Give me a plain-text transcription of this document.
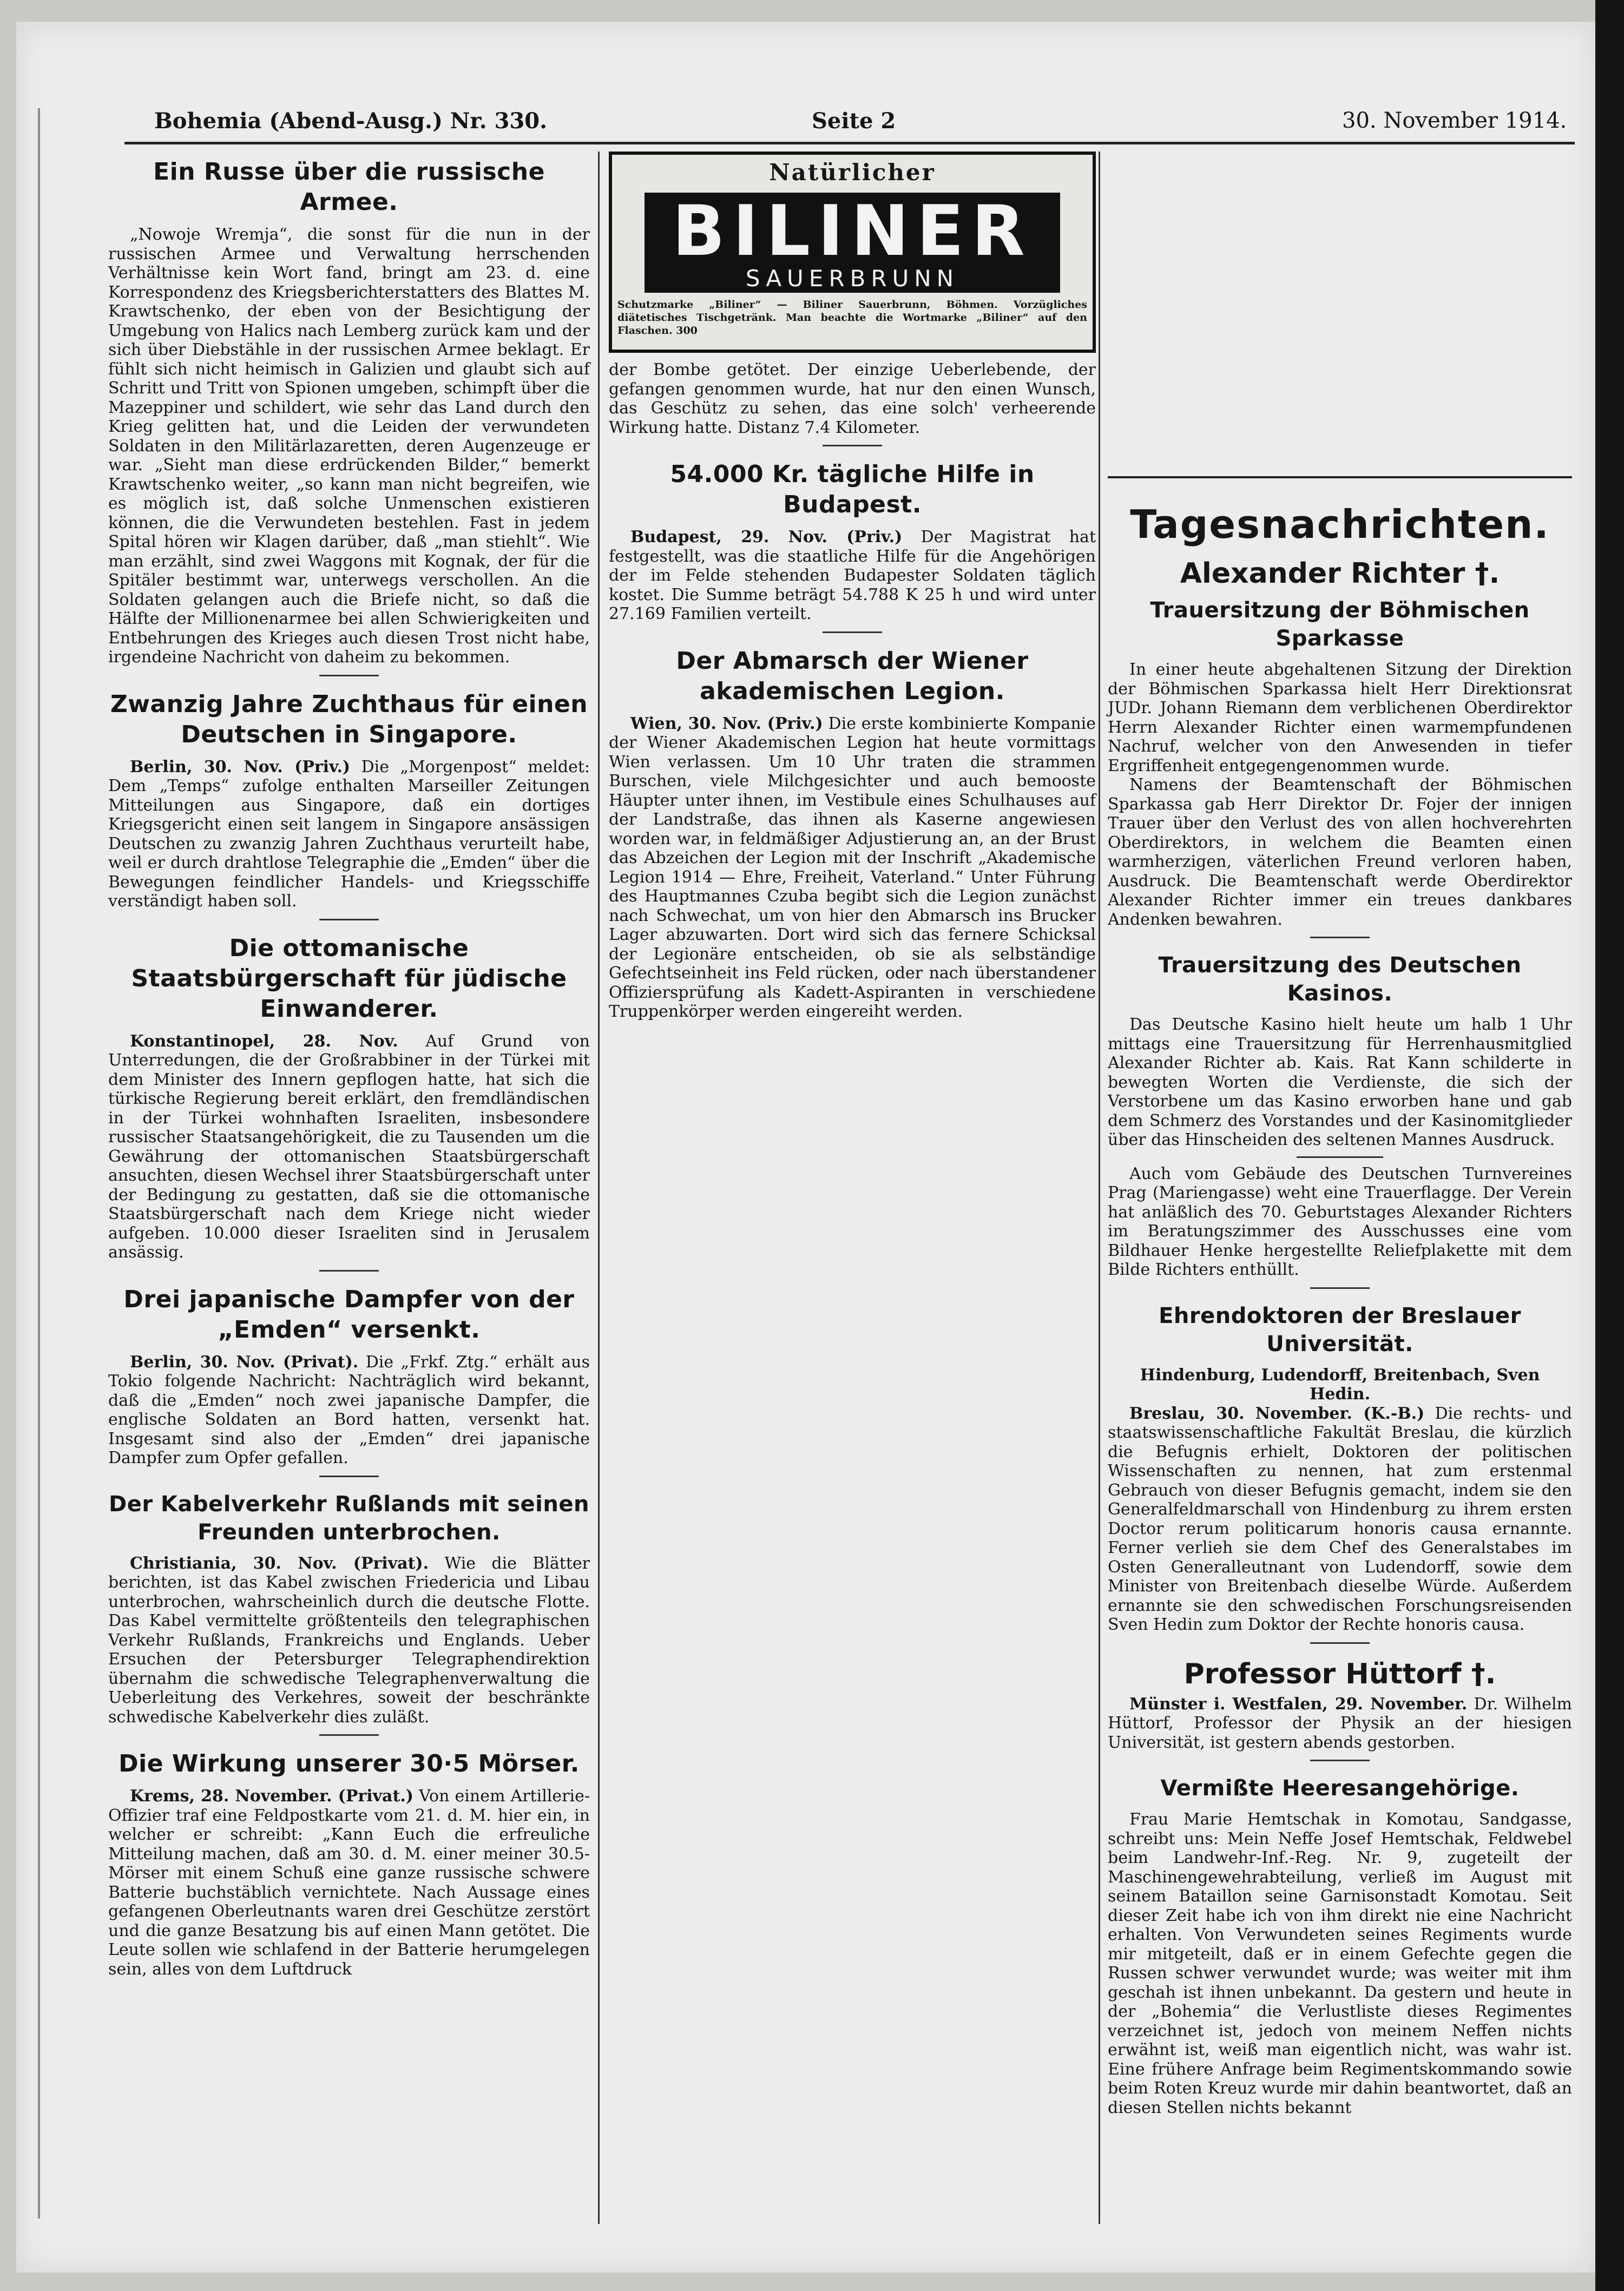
Bohemia (Abend-Ausg.) Nr. 330.	Seite 2	30. November 1914.
Ein Russe über die russische Armee.

„Nowoje Wremja“, die sonst für die nun in der russischen Armee und Verwaltung herrschenden Verhältnisse kein Wort fand, bringt am 23. d. eine Korrespondenz des Kriegsberichterstatters des Blattes M. Krawtschenko, der eben von der Besichtigung der Umgebung von Halics nach Lemberg zurück kam und der sich über Diebstähle in der russischen Armee beklagt. Er fühlt sich nicht heimisch in Galizien und glaubt sich auf Schritt und Tritt von Spionen umgeben, schimpft über die Mazeppiner und schildert, wie sehr das Land durch den Krieg gelitten hat, und die Leiden der verwundeten Soldaten in den Militärlazaretten, deren Augenzeuge er war. „Sieht man diese erdrückenden Bilder,“ bemerkt Krawtschenko weiter, „so kann man nicht begreifen, wie es möglich ist, daß solche Unmenschen existieren können, die die Verwundeten bestehlen. Fast in jedem Spital hören wir Klagen darüber, daß „man stiehlt“. Wie man erzählt, sind zwei Waggons mit Kognak, der für die Spitäler bestimmt war, unterwegs verschollen. An die Soldaten gelangen auch die Briefe nicht, so daß die Hälfte der Millionenarmee bei allen Schwierigkeiten und Entbehrungen des Krieges auch diesen Trost nicht habe, irgendeine Nachricht von daheim zu bekommen.

Zwanzig Jahre Zuchthaus für einen Deutschen in Singapore.

Berlin, 30. Nov. (Priv.) Die „Morgenpost“ meldet: Dem „Temps“ zufolge enthalten Marseiller Zeitungen Mitteilungen aus Singapore, daß ein dortiges Kriegsgericht einen seit langem in Singapore ansässigen Deutschen zu zwanzig Jahren Zuchthaus verurteilt habe, weil er durch drahtlose Telegraphie die „Emden“ über die Bewegungen feindlicher Handels- und Kriegsschiffe verständigt haben soll.

Die ottomanische Staatsbürgerschaft für jüdische Einwanderer.

Konstantinopel, 28. Nov. Auf Grund von Unterredungen, die der Großrabbiner in der Türkei mit dem Minister des Innern gepflogen hatte, hat sich die türkische Regierung bereit erklärt, den fremdländischen in der Türkei wohnhaften Israeliten, insbesondere russischer Staatsangehörigkeit, die zu Tausenden um die Gewährung der ottomanischen Staatsbürgerschaft ansuchten, diesen Wechsel ihrer Staatsbürgerschaft unter der Bedingung zu gestatten, daß sie die ottomanische Staatsbürgerschaft nach dem Kriege nicht wieder aufgeben. 10.000 dieser Israeliten sind in Jerusalem ansässig.

Drei japanische Dampfer von der „Emden“ versenkt.

Berlin, 30. Nov. (Privat). Die „Frkf. Ztg.“ erhält aus Tokio folgende Nachricht: Nachträglich wird bekannt, daß die „Emden“ noch zwei japanische Dampfer, die englische Soldaten an Bord hatten, versenkt hat. Insgesamt sind also der „Emden“ drei japanische Dampfer zum Opfer gefallen.

Der Kabelverkehr Rußlands mit seinen Freunden unterbrochen.

Christiania, 30. Nov. (Privat). Wie die Blätter berichten, ist das Kabel zwischen Friedericia und Libau unterbrochen, wahrscheinlich durch die deutsche Flotte. Das Kabel vermittelte größtenteils den telegraphischen Verkehr Rußlands, Frankreichs und Englands. Ueber Ersuchen der Petersburger Telegraphendirektion übernahm die schwedische Telegraphenverwaltung die Ueberleitung des Verkehres, soweit der beschränkte schwedische Kabelverkehr dies zuläßt.

Die Wirkung unserer 30·5 Mörser.

Krems, 28. November. (Privat.) Von einem Artillerie-Offizier traf eine Feldpostkarte vom 21. d. M. hier ein, in welcher er schreibt: „Kann Euch die erfreuliche Mitteilung machen, daß am 30. d. M. einer meiner 30.5-Mörser mit einem Schuß eine ganze russische schwere Batterie buchstäblich vernichtete. Nach Aussage eines gefangenen Oberleutnants waren drei Geschütze zerstört und die ganze Besatzung bis auf einen Mann getötet. Die Leute sollen wie schlafend in der Batterie herumgelegen sein, alles von dem Luftdruck

Natürlicher
BILINER
SAUERBRUNN
Schutzmarke „Biliner“ — Biliner Sauerbrunn, Böhmen. Vorzügliches diätetisches Tischgetränk. Man beachte die Wortmarke „Biliner“ auf den Flaschen. 300

der Bombe getötet. Der einzige Ueberlebende, der gefangen genommen wurde, hat nur den einen Wunsch, das Geschütz zu sehen, das eine solch' verheerende Wirkung hatte. Distanz 7.4 Kilometer.

54.000 Kr. tägliche Hilfe in Budapest.

Budapest, 29. Nov. (Priv.) Der Magistrat hat festgestellt, was die staatliche Hilfe für die Angehörigen der im Felde stehenden Budapester Soldaten täglich kostet. Die Summe beträgt 54.788 K 25 h und wird unter 27.169 Familien verteilt.

Der Abmarsch der Wiener akademischen Legion.

Wien, 30. Nov. (Priv.) Die erste kombinierte Kompanie der Wiener Akademischen Legion hat heute vormittags Wien verlassen. Um 10 Uhr traten die strammen Burschen, viele Milchgesichter und auch bemooste Häupter unter ihnen, im Vestibule eines Schulhauses auf der Landstraße, das ihnen als Kaserne angewiesen worden war, in feldmäßiger Adjustierung an, an der Brust das Abzeichen der Legion mit der Inschrift „Akademische Legion 1914 — Ehre, Freiheit, Vaterland.“ Unter Führung des Hauptmannes Czuba begibt sich die Legion zunächst nach Schwechat, um von hier den Abmarsch ins Brucker Lager abzuwarten. Dort wird sich das fernere Schicksal der Legionäre entscheiden, ob sie als selbständige Gefechtseinheit ins Feld rücken, oder nach überstandener Offiziersprüfung als Kadett-Aspiranten in verschiedene Truppenkörper werden eingereiht werden.

Tagesnachrichten.
Alexander Richter †.
Trauersitzung der Böhmischen Sparkasse

In einer heute abgehaltenen Sitzung der Direktion der Böhmischen Sparkassa hielt Herr Direktionsrat JUDr. Johann Riemann dem verblichenen Oberdirektor Herrn Alexander Richter einen warmempfundenen Nachruf, welcher von den Anwesenden in tiefer Ergriffenheit entgegengenommen wurde.

Namens der Beamtenschaft der Böhmischen Sparkassa gab Herr Direktor Dr. Fojer der innigen Trauer über den Verlust des von allen hochverehrten Oberdirektors, in welchem die Beamten einen warmherzigen, väterlichen Freund verloren haben, Ausdruck. Die Beamtenschaft werde Oberdirektor Alexander Richter immer ein treues dankbares Andenken bewahren.

Trauersitzung des Deutschen Kasinos.

Das Deutsche Kasino hielt heute um halb 1 Uhr mittags eine Trauersitzung für Herrenhausmitglied Alexander Richter ab. Kais. Rat Kann schilderte in bewegten Worten die Verdienste, die sich der Verstorbene um das Kasino erworben hane und gab dem Schmerz des Vorstandes und der Kasinomitglieder über das Hinscheiden des seltenen Mannes Ausdruck.

Auch vom Gebäude des Deutschen Turnvereines Prag (Mariengasse) weht eine Trauerflagge. Der Verein hat anläßlich des 70. Geburtstages Alexander Richters im Beratungszimmer des Ausschusses eine vom Bildhauer Henke hergestellte Reliefplakette mit dem Bilde Richters enthüllt.

Ehrendoktoren der Breslauer Universität.

Hindenburg, Ludendorff, Breitenbach, Sven Hedin.

Breslau, 30. November. (K.-B.) Die rechts- und staatswissenschaftliche Fakultät Breslau, die kürzlich die Befugnis erhielt, Doktoren der politischen Wissenschaften zu nennen, hat zum erstenmal Gebrauch von dieser Befugnis gemacht, indem sie den Generalfeldmarschall von Hindenburg zu ihrem ersten Doctor rerum politicarum honoris causa ernannte. Ferner verlieh sie dem Chef des Generalstabes im Osten Generalleutnant von Ludendorff, sowie dem Minister von Breitenbach dieselbe Würde. Außerdem ernannte sie den schwedischen Forschungsreisenden Sven Hedin zum Doktor der Rechte honoris causa.

Professor Hüttorf †.

Münster i. Westfalen, 29. November. Dr. Wilhelm Hüttorf, Professor der Physik an der hiesigen Universität, ist gestern abends gestorben.

Vermißte Heeresangehörige.

Frau Marie Hemtschak in Komotau, Sandgasse, schreibt uns: Mein Neffe Josef Hemtschak, Feldwebel beim Landwehr-Inf.-Reg. Nr. 9, zugeteilt der Maschinengewehrabteilung, verließ im August mit seinem Bataillon seine Garnisonstadt Komotau. Seit dieser Zeit habe ich von ihm direkt nie eine Nachricht erhalten. Von Verwundeten seines Regiments wurde mir mitgeteilt, daß er in einem Gefechte gegen die Russen schwer verwundet wurde; was weiter mit ihm geschah ist ihnen unbekannt. Da gestern und heute in der „Bohemia“ die Verlustliste dieses Regimentes verzeichnet ist, jedoch von meinem Neffen nichts erwähnt ist, weiß man eigentlich nicht, was wahr ist. Eine frühere Anfrage beim Regimentskommando sowie beim Roten Kreuz wurde mir dahin beantwortet, daß an diesen Stellen nichts bekannt
